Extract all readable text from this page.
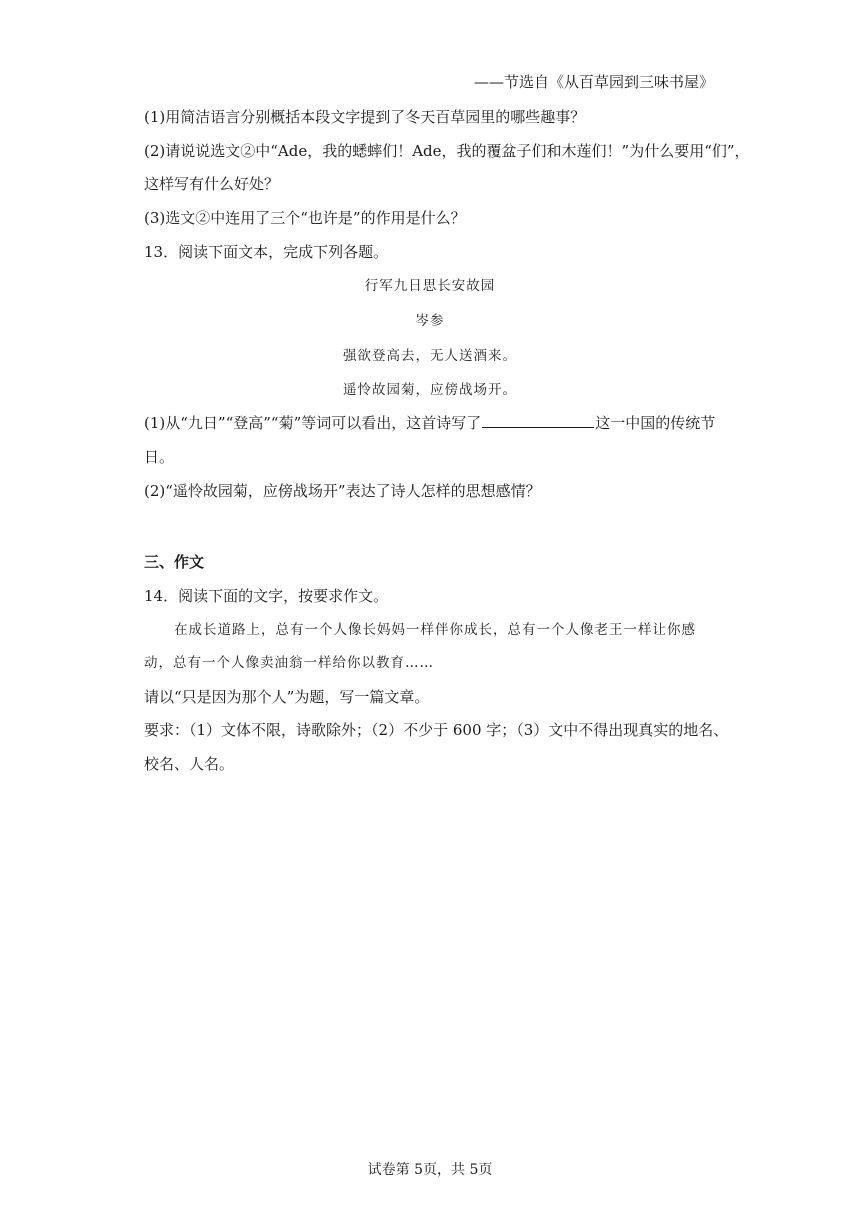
——节选自《从百草园到三味书屋》
(1)用简洁语言分别概括本段文字提到了冬天百草园里的哪些趣事？
(2)请说说选文②中“Ade，我的蟋蟀们！Ade，我的覆盆子们和木莲们！”为什么要用“们”，
这样写有什么好处？
(3)选文②中连用了三个“也许是”的作用是什么？
13．阅读下面文本，完成下列各题。
行军九日思长安故园
岑参
强欲登高去，无人送酒来。
遥怜故园菊，应傍战场开。
(1)从“九日”“登高”“菊”等词可以看出，这首诗写了	这一中国的传统节
日。
(2)“遥怜故园菊，应傍战场开”表达了诗人怎样的思想感情？
三、作文
14．阅读下面的文字，按要求作文。
在成长道路上，总有一个人像长妈妈一样伴你成长，总有一个人像老王一样让你感
动，总有一个人像卖油翁一样给你以教育……
请以“只是因为那个人”为题，写一篇文章。
要求：（1）文体不限，诗歌除外；（2）不少于 600 字；（3）文中不得出现真实的地名、
校名、人名。
试卷第 5页，共 5页
